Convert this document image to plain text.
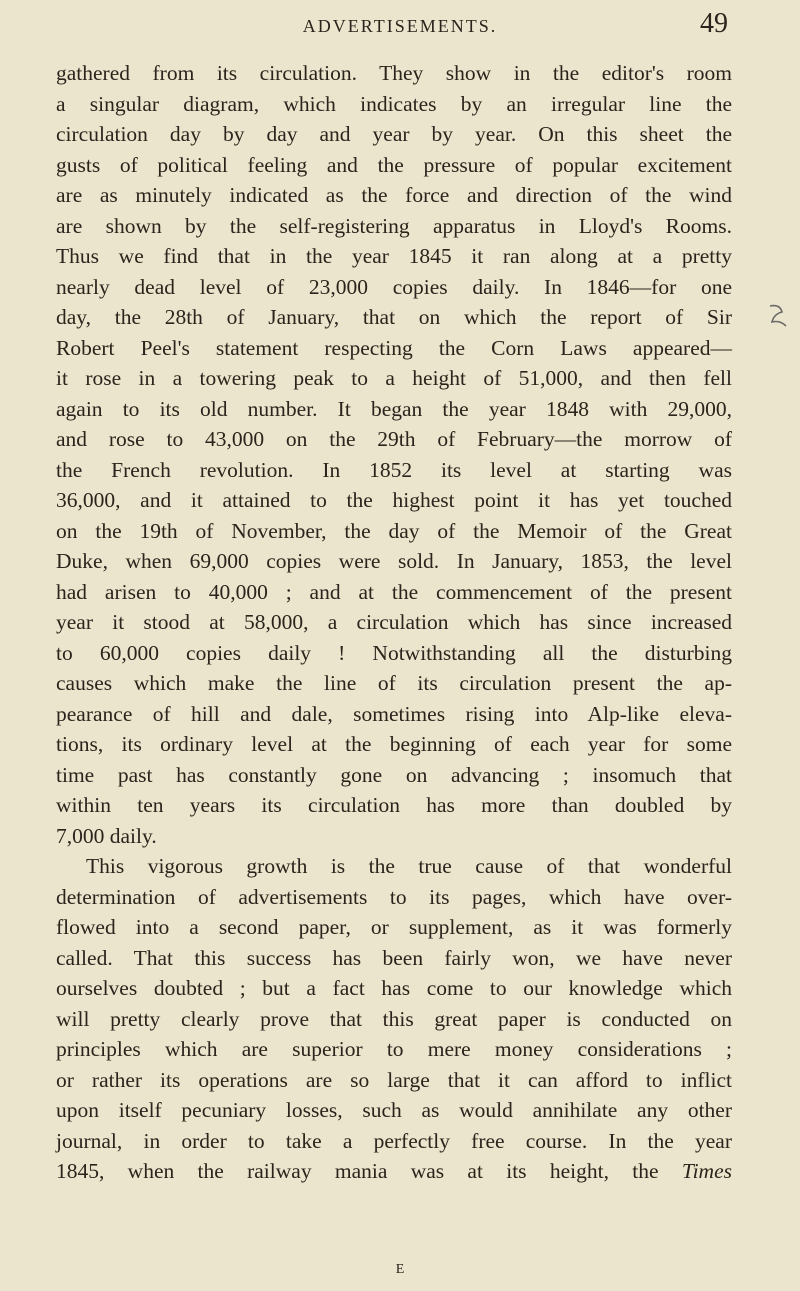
ADVERTISEMENTS.	49
gathered from its circulation. They show in the editor's room
a singular diagram, which indicates by an irregular line the
circulation day by day and year by year. On this sheet the
gusts of political feeling and the pressure of popular excitement
are as minutely indicated as the force and direction of the wind
are shown by the self-registering apparatus in Lloyd's Rooms.
Thus we find that in the year 1845 it ran along at a pretty
nearly dead level of 23,000 copies daily. In 1846—for one
day, the 28th of January, that on which the report of Sir
Robert Peel's statement respecting the Corn Laws appeared—
it rose in a towering peak to a height of 51,000, and then fell
again to its old number. It began the year 1848 with 29,000,
and rose to 43,000 on the 29th of February—the morrow of
the French revolution. In 1852 its level at starting was
36,000, and it attained to the highest point it has yet touched
on the 19th of November, the day of the Memoir of the Great
Duke, when 69,000 copies were sold. In January, 1853, the level
had arisen to 40,000 ; and at the commencement of the present
year it stood at 58,000, a circulation which has since increased
to 60,000 copies daily ! Notwithstanding all the disturbing
causes which make the line of its circulation present the ap-
pearance of hill and dale, sometimes rising into Alp-like eleva-
tions, its ordinary level at the beginning of each year for some
time past has constantly gone on advancing ; insomuch that
within ten years its circulation has more than doubled by
7,000 daily.
This vigorous growth is the true cause of that wonderful
determination of advertisements to its pages, which have over-
flowed into a second paper, or supplement, as it was formerly
called. That this success has been fairly won, we have never
ourselves doubted ; but a fact has come to our knowledge which
will pretty clearly prove that this great paper is conducted on
principles which are superior to mere money considerations ;
or rather its operations are so large that it can afford to inflict
upon itself pecuniary losses, such as would annihilate any other
journal, in order to take a perfectly free course. In the year
1845, when the railway mania was at its height, the Times
E
